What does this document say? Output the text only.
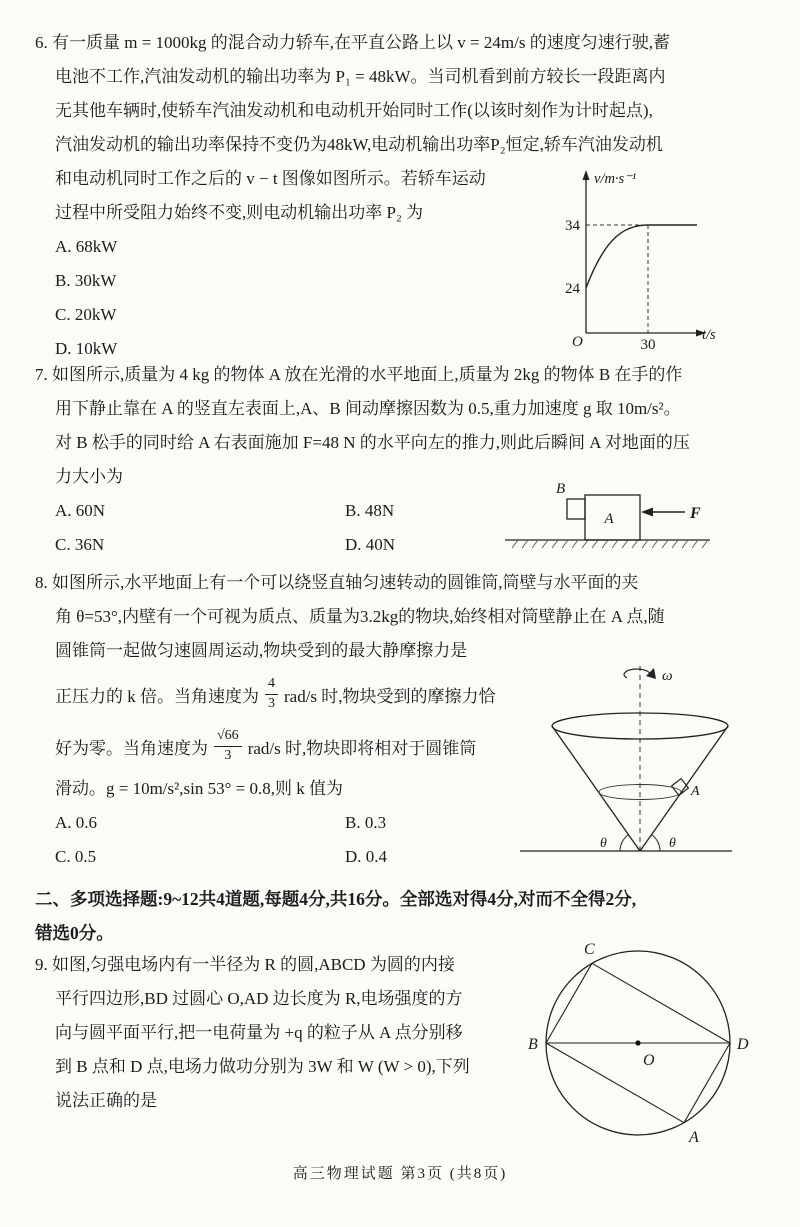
6. 有一质量 m = 1000kg 的混合动力轿车,在平直公路上以 v = 24m/s 的速度匀速行驶,蓄
电池不工作,汽油发动机的输出功率为 P₁ = 48kW。当司机看到前方较长一段距离内
无其他车辆时,使轿车汽油发动机和电动机开始同时工作(以该时刻作为计时起点),
汽油发动机的输出功率保持不变仍为48kW,电动机输出功率P₂恒定,轿车汽油发动机
和电动机同时工作之后的 v − t 图像如图所示。若轿车运动
过程中所受阻力始终不变,则电动机输出功率 P₂ 为
A. 68kW
B. 30kW
C. 20kW
D. 10kW
v/m·s⁻¹
t/s
O
34
24
30
7. 如图所示,质量为 4 kg 的物体 A 放在光滑的水平地面上,质量为 2kg 的物体 B 在手的作
用下静止靠在 A 的竖直左表面上,A、B 间动摩擦因数为 0.5,重力加速度 g 取 10m/s²。
对 B 松手的同时给 A 右表面施加 F=48 N 的水平向左的推力,则此后瞬间 A 对地面的压
力大小为
A. 60N	B. 48N
C. 36N	D. 40N
A
B
F
8. 如图所示,水平地面上有一个可以绕竖直轴匀速转动的圆锥筒,筒壁与水平面的夹
角 θ=53°,内壁有一个可视为质点、质量为3.2kg的物块,始终相对筒壁静止在 A 点,随
圆锥筒一起做匀速圆周运动,物块受到的最大静摩擦力是
正压力的 k 倍。当角速度为 $\frac{4}{3} rad/s$ 时,物块受到的摩擦力恰
好为零。当角速度为 $\frac{√66}{3} rad/s$ 时,物块即将相对于圆锥筒
滑动。g = 10m/s²,sin 53° = 0.8,则 k 值为
A. 0.6	B. 0.3
C. 0.5	D. 0.4
ω
A
θ	θ
二、多项选择题:9~12共4道题,每题4分,共16分。全部选对得4分,对而不全得2分,
错选0分。
9. 如图,匀强电场内有一半径为 R 的圆,ABCD 为圆的内接
平行四边形,BD 过圆心 O,AD 边长度为 R,电场强度的方
向与圆平面平行,把一电荷量为 +q 的粒子从 A 点分别移
到 B 点和 D 点,电场力做功分别为 3W 和 W (W > 0),下列
说法正确的是
C
B	D
A
O
高三物理试题 第3页 (共8页)
